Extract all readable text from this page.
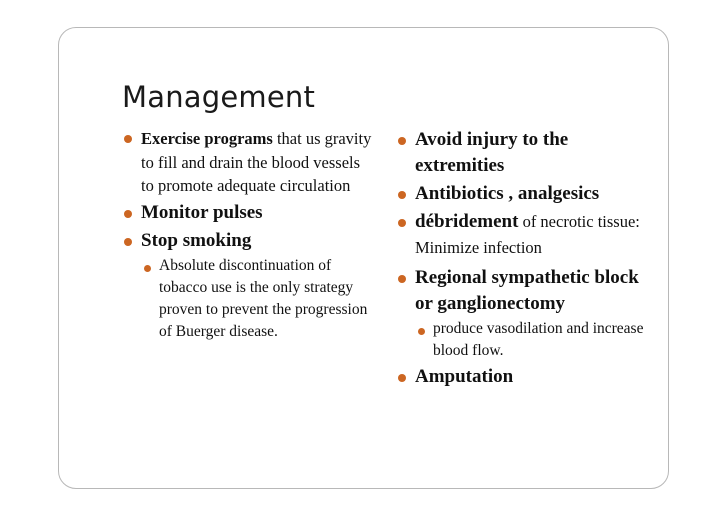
Management
Exercise programs that us gravity to fill and drain the blood vessels to promote adequate circulation
Monitor pulses
Stop smoking
Absolute discontinuation of tobacco use is the only strategy proven to prevent the progression of Buerger disease.
Avoid injury to the extremities
Antibiotics , analgesics
débridement of necrotic tissue: Minimize infection
Regional sympathetic block or ganglionectomy
produce vasodilation and increase blood flow.
Amputation
